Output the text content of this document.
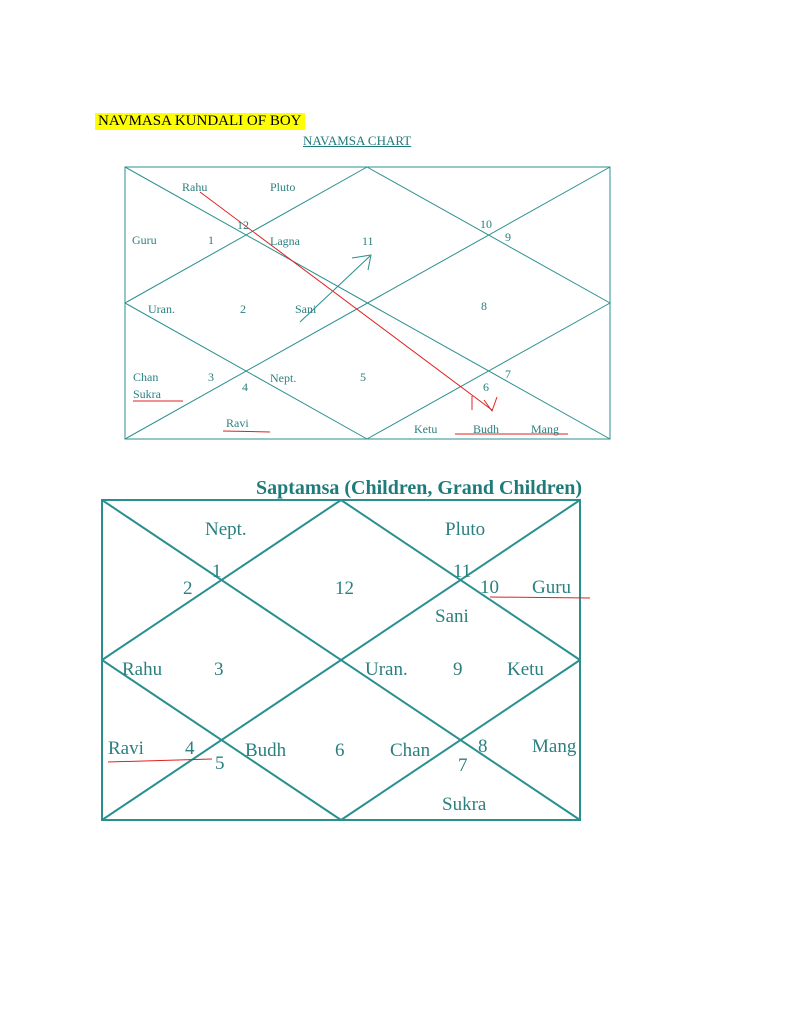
NAVMASA KUNDALI OF BOY
NAVAMSA CHART
Rahu	Pluto
Guru	Lagna
Uran.	Sani
Chan
Sukra
Nept.
Ravi	Ketu	Budh	Mang
1
2
3
4
5
6
7
8
9
10
11
12
Saptamsa (Children, Grand Children)
Nept.	Pluto
Guru
Sani
Rahu	Uran.	Ketu
Ravi	Budh	Chan	Mang
Sukra
1
2
3
4
5
6
7
8
9
10
11
12
